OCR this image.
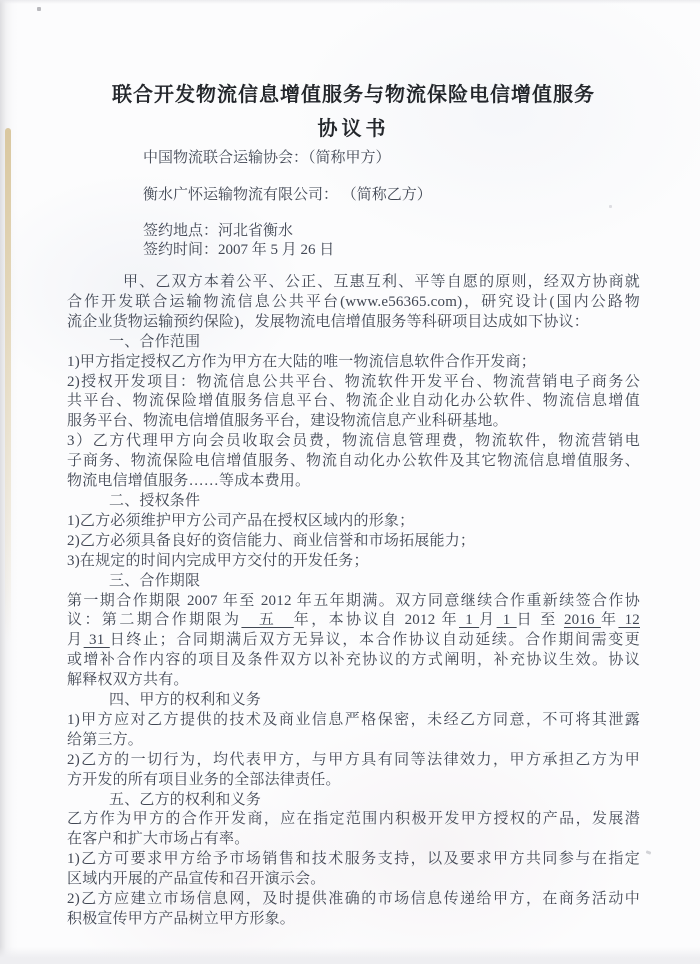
联合开发物流信息增值服务与物流保险电信增值服务
协议书

中国物流联合运输协会：（简称甲方）

衡水广怀运输物流有限公司： （简称乙方）

签约地点：河北省衡水

签约时间：2007 年 5 月 26 日

甲、乙双方本着公平、公正、互惠互利、平等自愿的原则，经双方协商就
合作开发联合运输物流信息公共平台(www.e56365.com)，研究设计(国内公路物
流企业货物运输预约保险)，发展物流电信增值服务等科研项目达成如下协议：
一、合作范围
1)甲方指定授权乙方作为甲方在大陆的唯一物流信息软件合作开发商；
2)授权开发项目：物流信息公共平台、物流软件开发平台、物流营销电子商务公
共平台、物流保险增值服务信息平台、物流企业自动化办公软件、物流信息增值
服务平台、物流电信增值服务平台，建设物流信息产业科研基地。
3）乙方代理甲方向会员收取会员费，物流信息管理费，物流软件，物流营销电
子商务、物流保险电信增值服务、物流自动化办公软件及其它物流信息增值服务、
物流电信增值服务……等成本费用。
二、授权条件
1)乙方必须维护甲方公司产品在授权区域内的形象；
2)乙方必须具备良好的资信能力、商业信誉和市场拓展能力；
3)在规定的时间内完成甲方交付的开发任务；
三、合作期限
第一期合作期限 2007 年至 2012 年五年期满。双方同意继续合作重新续签合作协
议：第二期合作期限为　五　年，本协议自 2012 年 1 月 1 日 至 2016 年 12
月 31 日终止；合同期满后双方无异议，本合作协议自动延续。合作期间需变更
或增补合作内容的项目及条件双方以补充协议的方式阐明，补充协议生效。协议
解释权双方共有。
四、甲方的权利和义务
1)甲方应对乙方提供的技术及商业信息严格保密，未经乙方同意，不可将其泄露
给第三方。
2)乙方的一切行为，均代表甲方，与甲方具有同等法律效力，甲方承担乙方为甲
方开发的所有项目业务的全部法律责任。
五、乙方的权利和义务
乙方作为甲方的合作开发商，应在指定范围内积极开发甲方授权的产品，发展潜
在客户和扩大市场占有率。
1)乙方可要求甲方给予市场销售和技术服务支持，以及要求甲方共同参与在指定
区域内开展的产品宣传和召开演示会。
2)乙方应建立市场信息网，及时提供准确的市场信息传递给甲方，在商务活动中
积极宣传甲方产品树立甲方形象。
